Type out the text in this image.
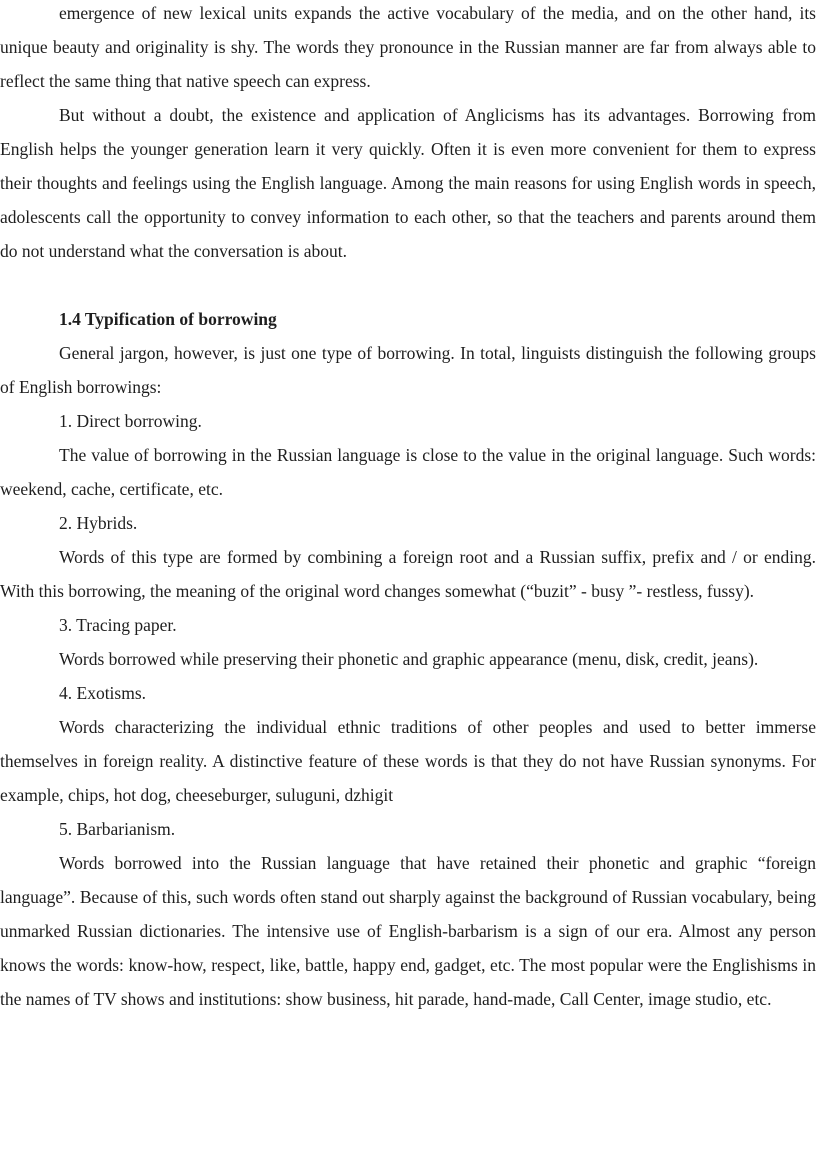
emergence of new lexical units expands the active vocabulary of the media, and on the other hand, its unique beauty and originality is shy. The words they pronounce in the Russian manner are far from always able to reflect the same thing that native speech can express.

But without a doubt, the existence and application of Anglicisms has its advantages. Borrowing from English helps the younger generation learn it very quickly. Often it is even more convenient for them to express their thoughts and feelings using the English language. Among the main reasons for using English words in speech, adolescents call the opportunity to convey information to each other, so that the teachers and parents around them do not understand what the conversation is about.

1.4 Typification of borrowing

General jargon, however, is just one type of borrowing. In total, linguists distinguish the following groups of English borrowings:

1. Direct borrowing.

The value of borrowing in the Russian language is close to the value in the original language. Such words: weekend, cache, certificate, etc.

2. Hybrids.

Words of this type are formed by combining a foreign root and a Russian suffix, prefix and / or ending. With this borrowing, the meaning of the original word changes somewhat (“buzit” - busy ”- restless, fussy).

3. Tracing paper.

Words borrowed while preserving their phonetic and graphic appearance (menu, disk, credit, jeans).

4. Exotisms.

Words characterizing the individual ethnic traditions of other peoples and used to better immerse themselves in foreign reality. A distinctive feature of these words is that they do not have Russian synonyms. For example, chips, hot dog, cheeseburger, suluguni, dzhigit

5. Barbarianism.

Words borrowed into the Russian language that have retained their phonetic and graphic “foreign language”. Because of this, such words often stand out sharply against the background of Russian vocabulary, being unmarked Russian dictionaries. The intensive use of English-barbarism is a sign of our era. Almost any person knows the words: know-how, respect, like, battle, happy end, gadget, etc. The most popular were the Englishisms in the names of TV shows and institutions: show business, hit parade, hand-made, Call Center, image studio, etc.
